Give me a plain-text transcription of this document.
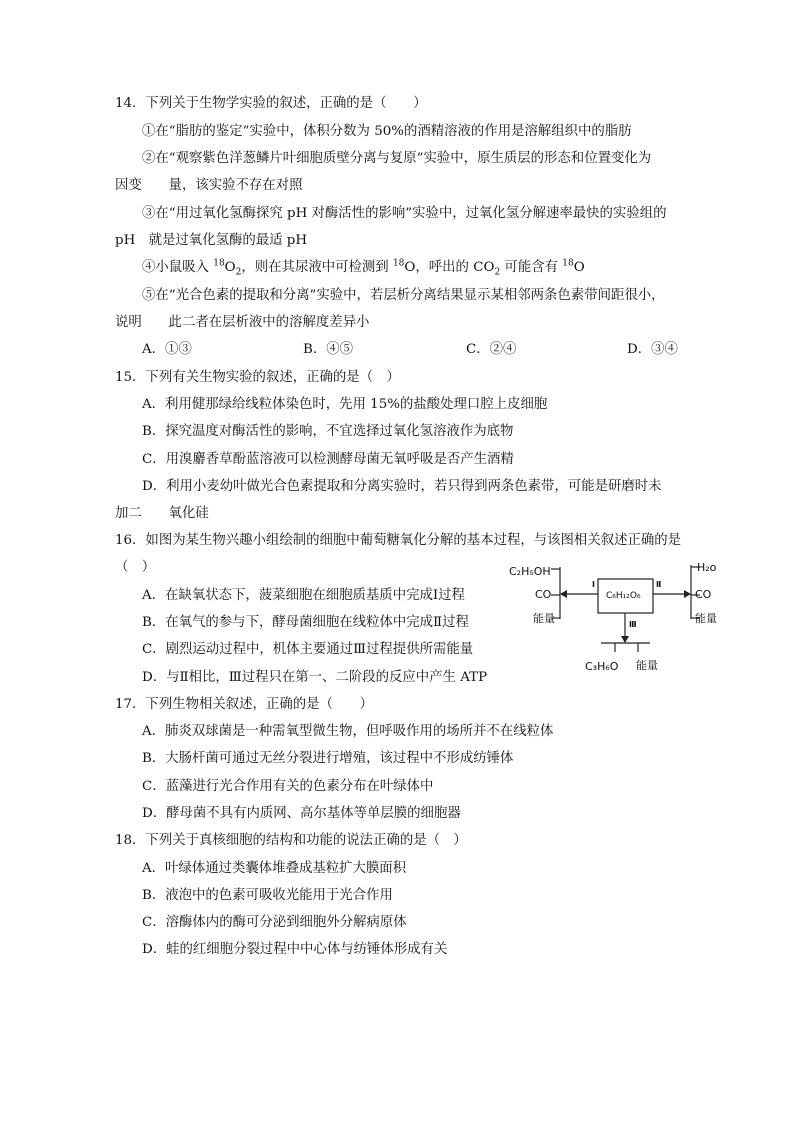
14．下列关于生物学实验的叙述，正确的是（　　）
①在“脂肪的鉴定”实验中，体积分数为 50%的酒精溶液的作用是溶解组织中的脂肪
②在“观察紫色洋葱鳞片叶细胞质壁分离与复原”实验中，原生质层的形态和位置变化为
因变　　量，该实验不存在对照
③在“用过氧化氢酶探究 pH 对酶活性的影响”实验中，过氧化氢分解速率最快的实验组的
pH　就是过氧化氢酶的最适 pH
④小鼠吸入 $^{18}O_2$，则在其尿液中可检测到 $^{18}$O，呼出的 $CO_2$ 可能含有 $^{18}$O
⑤在“光合色素的提取和分离”实验中，若层析分离结果显示某相邻两条色素带间距很小，
说明　　此二者在层析液中的溶解度差异小
A．①③	B．④⑤	C．②④	D．③④
15．下列有关生物实验的叙述，正确的是（　）
A．利用健那绿给线粒体染色时，先用 15%的盐酸处理口腔上皮细胞
B．探究温度对酶活性的影响，不宜选择过氧化氢溶液作为底物
C．用溴麝香草酚蓝溶液可以检测酵母菌无氧呼吸是否产生酒精
D．利用小麦幼叶做光合色素提取和分离实验时，若只得到两条色素带，可能是研磨时未
加二　　氧化硅
16．如图为某生物兴趣小组绘制的细胞中葡萄糖氧化分解的基本过程，与该图相关叙述正确的是
（　）
A．在缺氧状态下，菠菜细胞在细胞质基质中完成Ⅰ过程
B．在氧气的参与下，酵母菌细胞在线粒体中完成Ⅱ过程
C．剧烈运动过程中，机体主要通过Ⅲ过程提供所需能量
D．与Ⅱ相比，Ⅲ过程只在第一、二阶段的反应中产生 ATP
C₂H₅OH
CO
能量
C₆H₁₂O₆
H₂o
CO
能量
C₃H₆O 能量
Ⅰ	Ⅱ
Ⅲ
17．下列生物相关叙述，正确的是（　　）
A．肺炎双球菌是一种需氧型微生物，但呼吸作用的场所并不在线粒体
B．大肠杆菌可通过无丝分裂进行增殖，该过程中不形成纺锤体
C．蓝藻进行光合作用有关的色素分布在叶绿体中
D．酵母菌不具有内质网、高尔基体等单层膜的细胞器
18．下列关于真核细胞的结构和功能的说法正确的是（　）
A．叶绿体通过类囊体堆叠成基粒扩大膜面积
B．液泡中的色素可吸收光能用于光合作用
C．溶酶体内的酶可分泌到细胞外分解病原体
D．蛙的红细胞分裂过程中中心体与纺锤体形成有关
